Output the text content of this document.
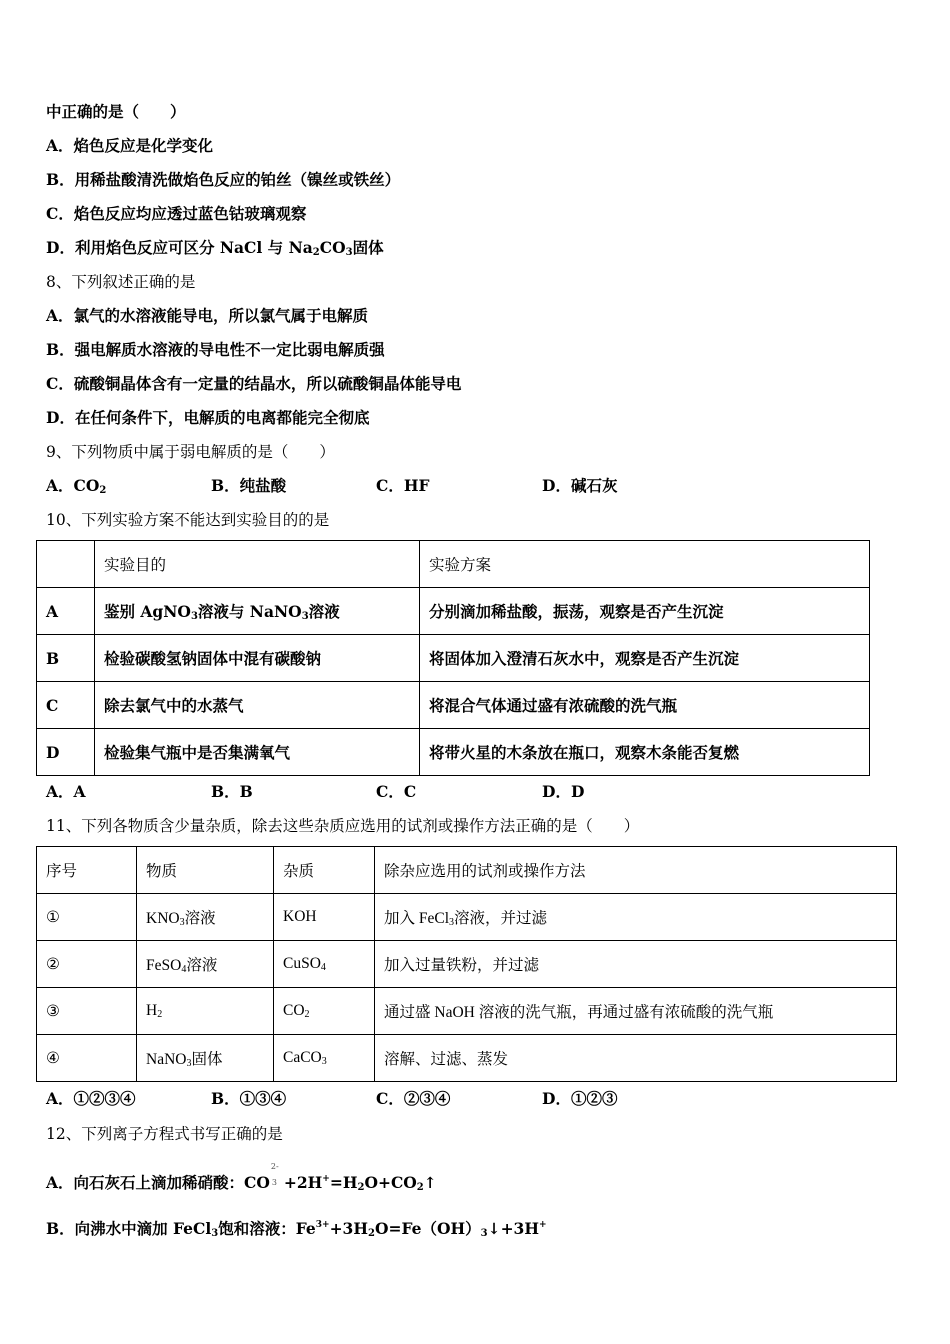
中正确的是（　　）
A．焰色反应是化学变化
B．用稀盐酸清洗做焰色反应的铂丝（镍丝或铁丝）
C．焰色反应均应透过蓝色钴玻璃观察
D．利用焰色反应可区分 NaCl 与 $Na_2CO_3$固体
8、下列叙述正确的是
A．氯气的水溶液能导电，所以氯气属于电解质
B．强电解质水溶液的导电性不一定比弱电解质强
C．硫酸铜晶体含有一定量的结晶水，所以硫酸铜晶体能导电
D．在任何条件下，电解质的电离都能完全彻底
9、下列物质中属于弱电解质的是（　　）
A．$CO_2$	B．纯盐酸	C．HF	D．碱石灰
10、下列实验方案不能达到实验目的的是
	实验目的	实验方案
A	鉴别 AgNO$_3$溶液与 NaNO$_3$溶液	分别滴加稀盐酸，振荡，观察是否产生沉淀
B	检验碳酸氢钠固体中混有碳酸钠	将固体加入澄清石灰水中，观察是否产生沉淀
C	除去氯气中的水蒸气	将混合气体通过盛有浓硫酸的洗气瓶
D	检验集气瓶中是否集满氧气	将带火星的木条放在瓶口，观察木条能否复燃
A．A	B．B	C．C	D．D
11、下列各物质含少量杂质，除去这些杂质应选用的试剂或操作方法正确的是（　　）
序号	物质	杂质	除杂应选用的试剂或操作方法
①	$KNO_3$溶液	KOH	加入 FeCl$_3$溶液，并过滤
②	FeSO$_4$溶液	CuSO$_4$	加入过量铁粉，并过滤
③	$H_2$	$CO_2$	通过盛 NaOH 溶液的洗气瓶，再通过盛有浓硫酸的洗气瓶
④	NaNO$_3$固体	CaCO$_3$	溶解、过滤、蒸发
A．①②③④	B．①③④	C．②③④	D．①②③
12、下列离子方程式书写正确的是
A．向石灰石上滴加稀硝酸：CO
2-
$3 +2H^+=H_2O+CO_2↑$
B．向沸水中滴加 FeCl$_3$饱和溶液：$Fe^{3+}+3H_2O=Fe(OH)_3↓+3H^+$
